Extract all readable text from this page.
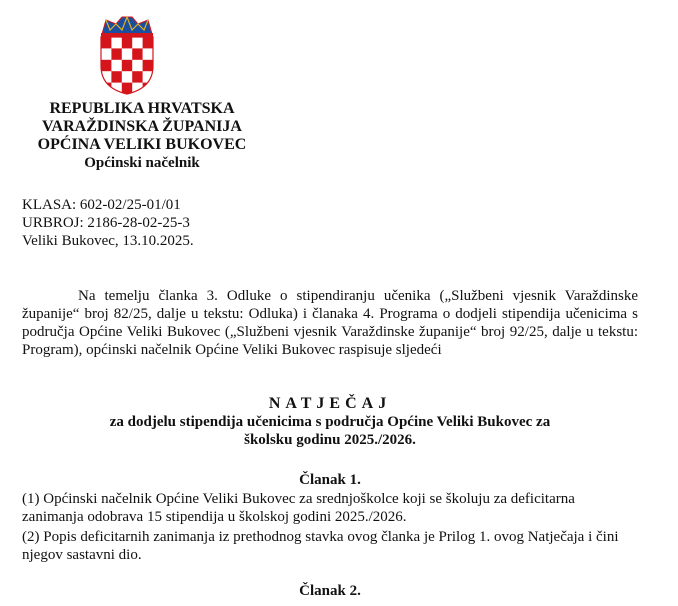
REPUBLIKA HRVATSKA
VARAŽDINSKA ŽUPANIJA
OPĆINA VELIKI BUKOVEC
Općinski načelnik
KLASA: 602-02/25-01/01
URBROJ: 2186-28-02-25-3
Veliki Bukovec, 13.10.2025.
Na temelju članka 3. Odluke o stipendiranju učenika („Službeni vjesnik Varaždinske županije“ broj 82/25, dalje u tekstu: Odluka) i članaka 4. Programa o dodjeli stipendija učenicima s područja Općine Veliki Bukovec („Službeni vjesnik Varaždinske županije“ broj 92/25, dalje u tekstu: Program), općinski načelnik Općine Veliki Bukovec raspisuje sljedeći
NATJEČAJ
za dodjelu stipendija učenicima s područja Općine Veliki Bukovec za
školsku godinu 2025./2026.
Članak 1.
(1) Općinski načelnik Općine Veliki Bukovec za srednjoškolce koji se školuju za deficitarna zanimanja odobrava 15 stipendija u školskoj godini 2025./2026.
(2) Popis deficitarnih zanimanja iz prethodnog stavka ovog članka je Prilog 1. ovog Natječaja i čini njegov sastavni dio.
Članak 2.
